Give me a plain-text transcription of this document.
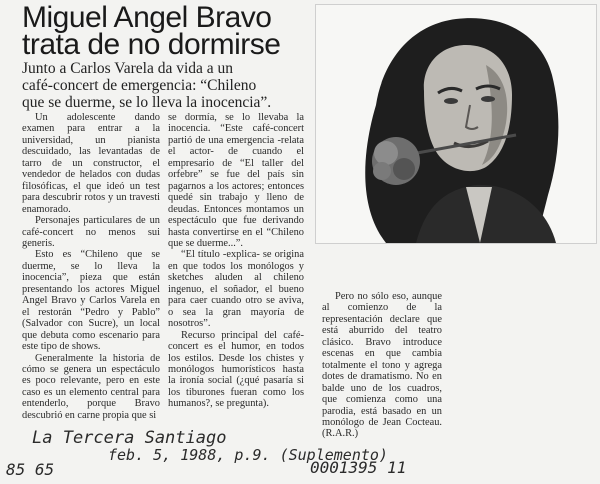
Miguel Angel Bravo
trata de no dormirse
Junto a Carlos Varela da vida a un
café-concert de emergencia: “Chileno
que se duerme, se lo lleva la inocencia”.

Un adolescente dando examen para entrar a la universidad, un pianista descuidado, las levantadas de tarro de un constructor, el vendedor de helados con dudas filosóficas, el que ideó un test para descubrir rotos y un travesti enamorado.

Personajes particulares de un café-concert no menos sui generis.

Esto es “Chileno que se duerme, se lo lleva la inocencia”, pieza que están presentando los actores Miguel Angel Bravo y Carlos Varela en el restorán “Pedro y Pablo” (Salvador con Sucre), un local que debuta como escenario para este tipo de shows.

Generalmente la historia de cómo se genera un espectáculo es poco relevante, pero en este caso es un elemento central para entenderlo, porque Bravo descubrió en carne propia que si

se dormía, se lo llevaba la inocencia. “Este café-concert partió de una emergencia -relata el actor- de cuando el empresario de “El taller del orfebre” se fue del país sin pagarnos a los actores; entonces quedé sin trabajo y lleno de deudas. Entonces montamos un espectáculo que fue derivando hasta convertirse en el “Chileno que se duerme...”.

“El título -explica- se origina en que todos los monólogos y sketches aluden al chileno ingenuo, el soñador, el bueno para caer cuando otro se aviva, o sea la gran mayoría de nosotros”.

Recurso principal del café-concert es el humor, en todos los estilos. Desde los chistes y monólogos humorísticos hasta la ironía social (¿qué pasaría si los tiburones fueran como los humanos?, se pregunta).

Pero no sólo eso, aunque al comienzo de la representación declare que está aburrido del teatro clásico. Bravo introduce escenas en que cambia totalmente el tono y agrega dotes de dramatismo. No en balde uno de los cuadros, que comienza como una parodia, está basado en un monólogo de Jean Cocteau. (R.A.R.)

La Tercera Santiago

feb. 5, 1988, p.9. (Suplemento)

85 65	0001395 11
